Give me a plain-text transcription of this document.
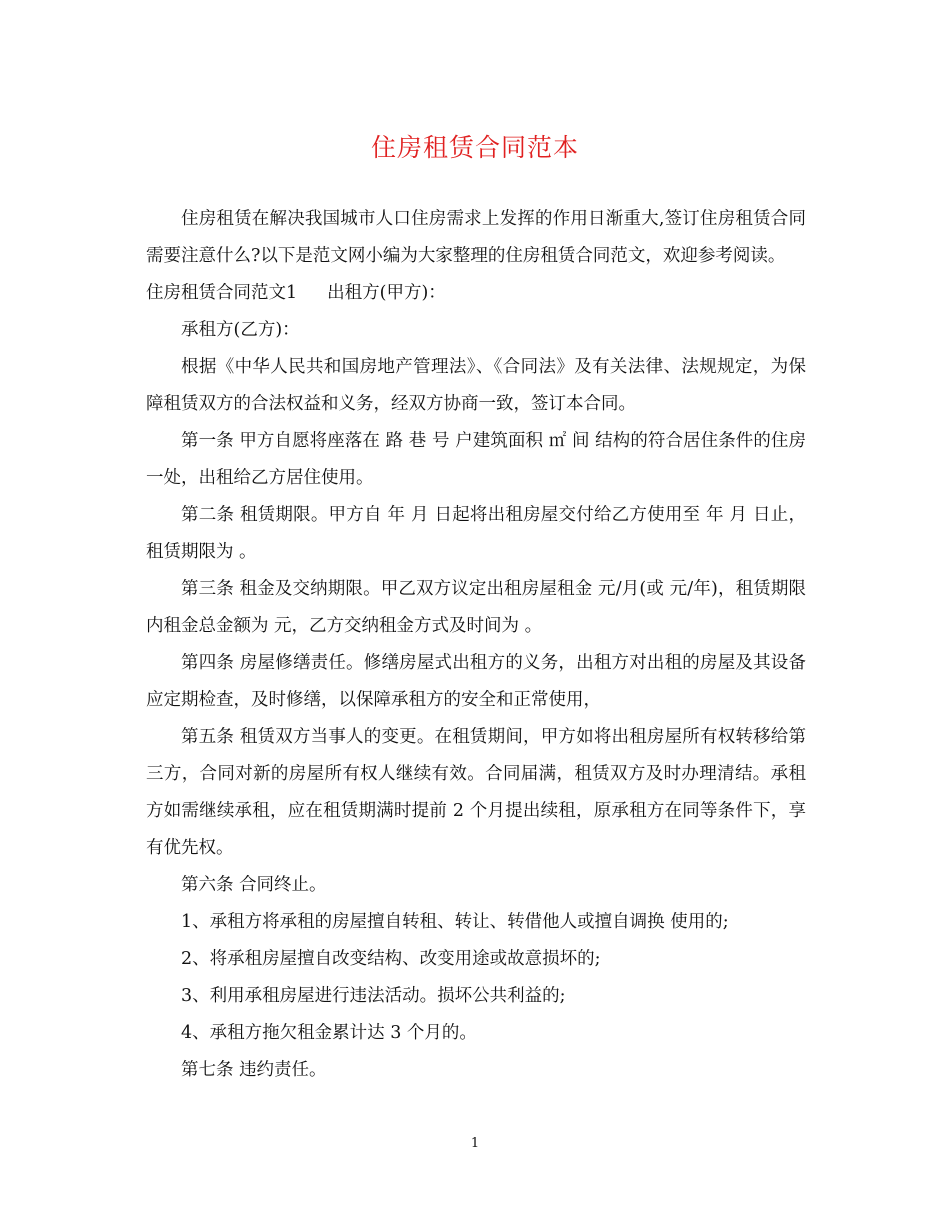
住房租赁合同范本

住房租赁在解决我国城市人口住房需求上发挥的作用日渐重大,签订住房租赁合同需要注意什么?以下是范文网小编为大家整理的住房租赁合同范文，欢迎参考阅读。

住房租赁合同范文1 出租方(甲方)：

承租方(乙方)：

根据《中华人民共和国房地产管理法》、《合同法》及有关法律、法规规定，为保障租赁双方的合法权益和义务，经双方协商一致，签订本合同。

第一条 甲方自愿将座落在 路 巷 号 户建筑面积 ㎡ 间 结构的符合居住条件的住房一处，出租给乙方居住使用。

第二条 租赁期限。甲方自 年 月 日起将出租房屋交付给乙方使用至 年 月 日止，租赁期限为 。

第三条 租金及交纳期限。甲乙双方议定出租房屋租金 元/月(或 元/年)，租赁期限内租金总金额为 元，乙方交纳租金方式及时间为 。

第四条 房屋修缮责任。修缮房屋式出租方的义务，出租方对出租的房屋及其设备应定期检查，及时修缮，以保障承租方的安全和正常使用，

第五条 租赁双方当事人的变更。在租赁期间，甲方如将出租房屋所有权转移给第三方，合同对新的房屋所有权人继续有效。合同届满，租赁双方及时办理清结。承租方如需继续承租，应在租赁期满时提前 2 个月提出续租，原承租方在同等条件下，享有优先权。

第六条 合同终止。

1、承租方将承租的房屋擅自转租、转让、转借他人或擅自调换 使用的;

2、将承租房屋擅自改变结构、改变用途或故意损坏的;

3、利用承租房屋进行违法活动。损坏公共利益的;

4、承租方拖欠租金累计达 3 个月的。

第七条 违约责任。

1
